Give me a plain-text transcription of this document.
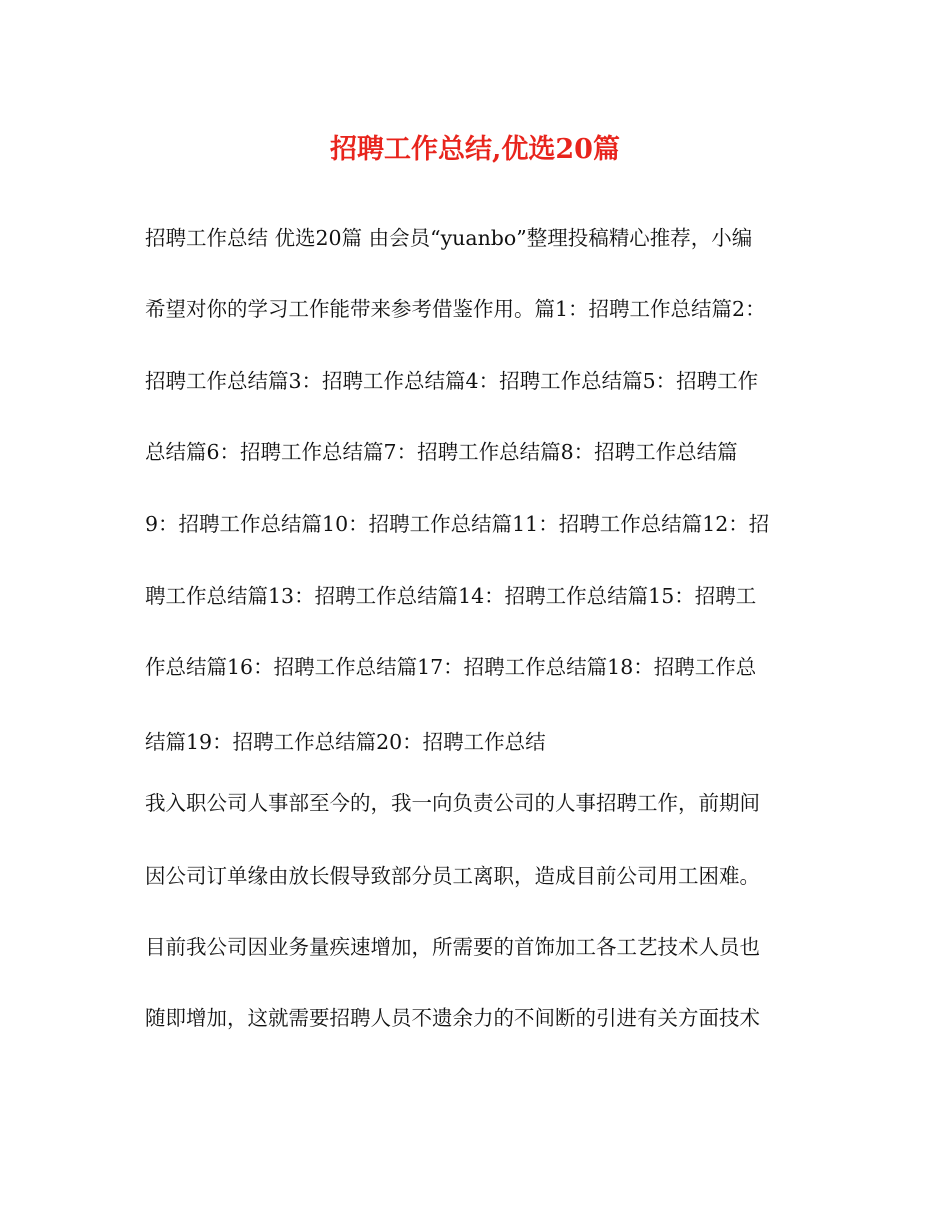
招聘工作总结,优选20篇
招聘工作总结 优选20篇 由会员“yuanbo”整理投稿精心推荐，小编
希望对你的学习工作能带来参考借鉴作用。篇1：招聘工作总结篇2：
招聘工作总结篇3：招聘工作总结篇4：招聘工作总结篇5：招聘工作
总结篇6：招聘工作总结篇7：招聘工作总结篇8：招聘工作总结篇
9：招聘工作总结篇10：招聘工作总结篇11：招聘工作总结篇12：招
聘工作总结篇13：招聘工作总结篇14：招聘工作总结篇15：招聘工
作总结篇16：招聘工作总结篇17：招聘工作总结篇18：招聘工作总
结篇19：招聘工作总结篇20：招聘工作总结
我入职公司人事部至今的，我一向负责公司的人事招聘工作，前期间
因公司订单缘由放长假导致部分员工离职，造成目前公司用工困难。
目前我公司因业务量疾速增加，所需要的首饰加工各工艺技术人员也
随即增加，这就需要招聘人员不遗余力的不间断的引进有关方面技术
